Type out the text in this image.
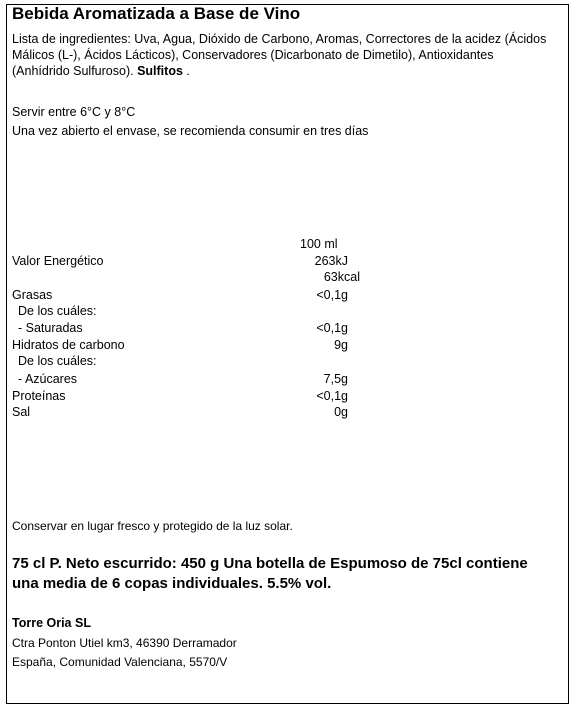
Bebida Aromatizada a Base de Vino
Lista de ingredientes: Uva, Agua, Dióxido de Carbono, Aromas, Correctores de la acidez (Ácidos Málicos (L-), Ácidos Lácticos), Conservadores (Dicarbonato de Dimetilo), Antioxidantes (Anhídrido Sulfuroso). Sulfitos .
Servir entre 6°C y 8°C
Una vez abierto el envase, se recomienda consumir en tres días
100 ml
Valor Energético	263kJ
63kcal
Grasas	<0,1g
De los cuáles:
- Saturadas	<0,1g
Hidratos de carbono	9g
De los cuáles:
- Azúcares	7,5g
Proteínas	<0,1g
Sal	0g
Conservar en lugar fresco y protegido de la luz solar.
75 cl P. Neto escurrido: 450 g Una botella de Espumoso de 75cl contiene una media de 6 copas individuales. 5.5% vol.
Torre Oria SL
Ctra Ponton Utiel km3, 46390 Derramador
España, Comunidad Valenciana, 5570/V
